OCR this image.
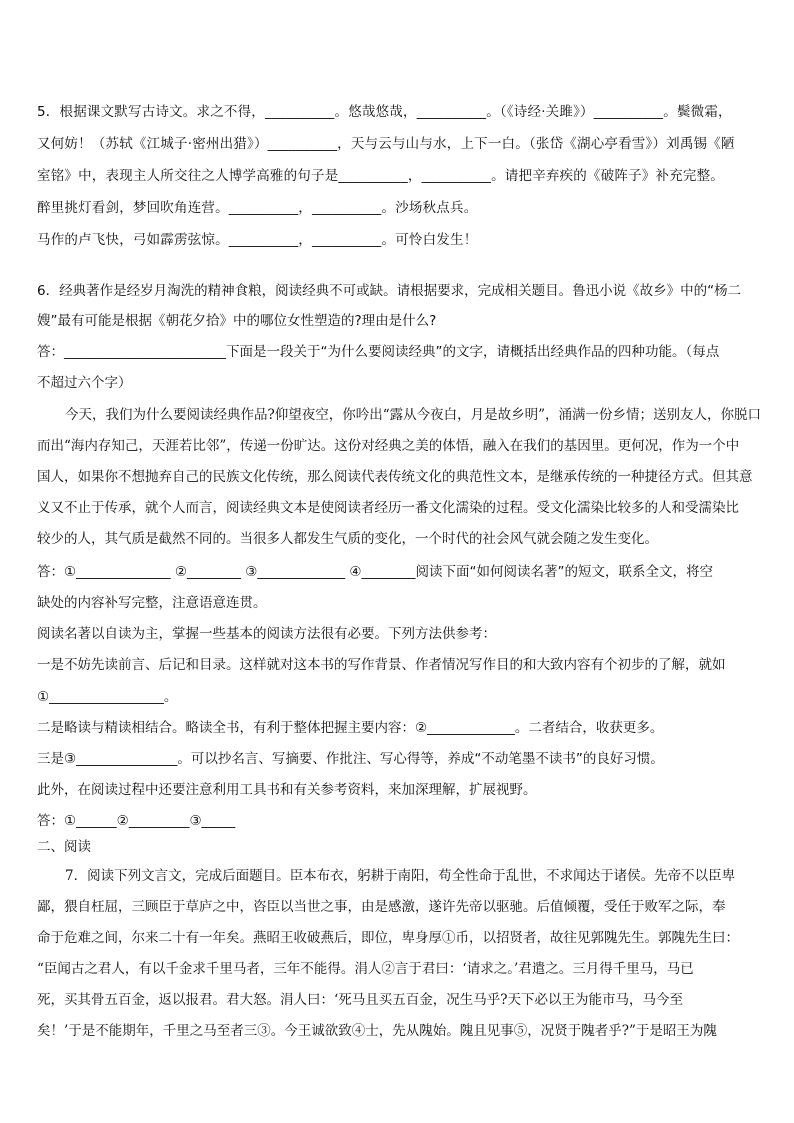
5．根据课文默写古诗文。求之不得，__________。悠哉悠哉，__________。（《诗经·关雎》）__________。鬓微霜，
又何妨！（苏轼《江城子·密州出猎》）__________，天与云与山与水，上下一白。（张岱《湖心亭看雪》）刘禹锡《陋
室铭》中，表现主人所交往之人博学高雅的句子是__________，__________。请把辛弃疾的《破阵子》补充完整。
醉里挑灯看剑，梦回吹角连营。__________，__________。沙场秋点兵。
马作的卢飞快，弓如霹雳弦惊。__________，__________。可怜白发生！
6．经典著作是经岁月淘洗的精神食粮，阅读经典不可或缺。请根据要求，完成相关题目。鲁迅小说《故乡》中的“杨二
嫂”最有可能是根据《朝花夕拾》中的哪位女性塑造的?理由是什么?
答：________________________下面是一段关于“为什么要阅读经典”的文字，请概括出经典作品的四种功能。（每点
不超过六个字）
今天，我们为什么要阅读经典作品?仰望夜空，你吟出“露从今夜白，月是故乡明”，涌满一份乡情；送别友人，你脱口
而出“海内存知己，天涯若比邻”，传递一份旷达。这份对经典之美的体悟，融入在我们的基因里。更何况，作为一个中
国人，如果你不想抛弃自己的民族文化传统，那么阅读代表传统文化的典范性文本，是继承传统的一种捷径方式。但其意
义又不止于传承，就个人而言，阅读经典文本是使阅读者经历一番文化濡染的过程。受文化濡染比较多的人和受濡染比
较少的人，其气质是截然不同的。当很多人都发生气质的变化，一个时代的社会风气就会随之发生变化。
答：①______________ ②________ ③_____________ ④________阅读下面“如何阅读名著”的短文，联系全文，将空
缺处的内容补写完整，注意语意连贯。
阅读名著以自读为主，掌握一些基本的阅读方法很有必要。下列方法供参考：
一是不妨先读前言、后记和目录。这样就对这本书的写作背景、作者情况写作目的和大致内容有个初步的了解，就如
①_________________。
二是略读与精读相结合。略读全书，有利于整体把握主要内容：②_____________。二者结合，收获更多。
三是③_______________。可以抄名言、写摘要、作批注、写心得等，养成“不动笔墨不读书”的良好习惯。
此外，在阅读过程中还要注意利用工具书和有关参考资料，来加深理解，扩展视野。
答：①______②_________③_____
二、阅读
7．阅读下列文言文，完成后面题目。臣本布衣，躬耕于南阳，苟全性命于乱世，不求闻达于诸侯。先帝不以臣卑
鄙，猥自枉屈，三顾臣于草庐之中，咨臣以当世之事，由是感激，遂许先帝以驱驰。后值倾覆，受任于败军之际，奉
命于危难之间，尔来二十有一年矣。燕昭王收破燕后，即位，卑身厚①币，以招贤者，故往见郭隗先生。郭隗先生曰：
“臣闻古之君人，有以千金求千里马者，三年不能得。涓人②言于君曰：‘请求之。’君遣之。三月得千里马，马已
死，买其骨五百金，返以报君。君大怒。涓人曰：‘死马且买五百金，况生马乎?天下必以王为能市马，马今至
矣！’于是不能期年，千里之马至者三③。今王诚欲致④士，先从隗始。隗且见事⑤，况贤于隗者乎?”于是昭王为隗
